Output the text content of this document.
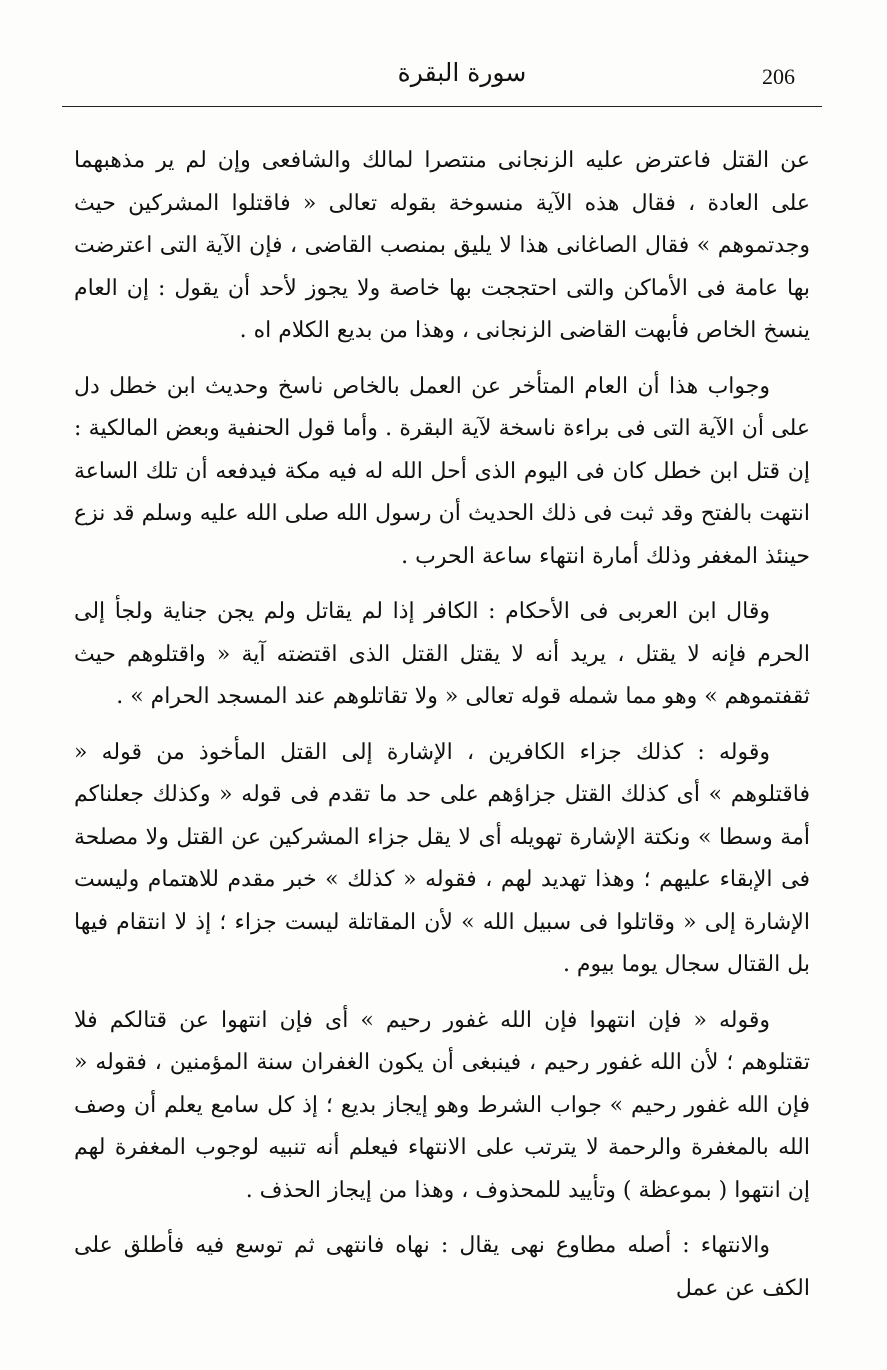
206
سورة البقرة

عن القتل فاعترض عليه الزنجانى منتصرا لمالك والشافعى وإن لم ير مذهبهما على العادة ، فقال هذه الآية منسوخة بقوله تعالى « فاقتلوا المشركين حيث وجدتموهم » فقال الصاغانى هذا لا يليق بمنصب القاضى ، فإن الآية التى اعترضت بها عامة فى الأماكن والتى احتججت بها خاصة ولا يجوز لأحد أن يقول : إن العام ينسخ الخاص فأبهت القاضى الزنجانى ، وهذا من بديع الكلام اه .

وجواب هذا أن العام المتأخر عن العمل بالخاص ناسخ وحديث ابن خطل دل على أن الآية التى فى براءة ناسخة لآية البقرة . وأما قول الحنفية وبعض المالكية : إن قتل ابن خطل كان فى اليوم الذى أحل الله له فيه مكة فيدفعه أن تلك الساعة انتهت بالفتح وقد ثبت فى ذلك الحديث أن رسول الله صلى الله عليه وسلم قد نزع حينئذ المغفر وذلك أمارة انتهاء ساعة الحرب .

وقال ابن العربى فى الأحكام : الكافر إذا لم يقاتل ولم يجن جناية ولجأ إلى الحرم فإنه لا يقتل ، يريد أنه لا يقتل القتل الذى اقتضته آية « واقتلوهم حيث ثقفتموهم » وهو مما شمله قوله تعالى « ولا تقاتلوهم عند المسجد الحرام » .

وقوله : كذلك جزاء الكافرين ، الإشارة إلى القتل المأخوذ من قوله « فاقتلوهم » أى كذلك القتل جزاؤهم على حد ما تقدم فى قوله « وكذلك جعلناكم أمة وسطا » ونكتة الإشارة تهويله أى لا يقل جزاء المشركين عن القتل ولا مصلحة فى الإبقاء عليهم ؛ وهذا تهديد لهم ، فقوله « كذلك » خبر مقدم للاهتمام وليست الإشارة إلى « وقاتلوا فى سبيل الله » لأن المقاتلة ليست جزاء ؛ إذ لا انتقام فيها بل القتال سجال يوما بيوم .

وقوله « فإن انتهوا فإن الله غفور رحيم » أى فإن انتهوا عن قتالكم فلا تقتلوهم ؛ لأن الله غفور رحيم ، فينبغى أن يكون الغفران سنة المؤمنين ، فقوله « فإن الله غفور رحيم » جواب الشرط وهو إيجاز بديع ؛ إذ كل سامع يعلم أن وصف الله بالمغفرة والرحمة لا يترتب على الانتهاء فيعلم أنه تنبيه لوجوب المغفرة لهم إن انتهوا ( بموعظة ) وتأييد للمحذوف ، وهذا من إيجاز الحذف .

والانتهاء : أصله مطاوع نهى يقال : نهاه فانتهى ثم توسع فيه فأطلق على الكف عن عمل
